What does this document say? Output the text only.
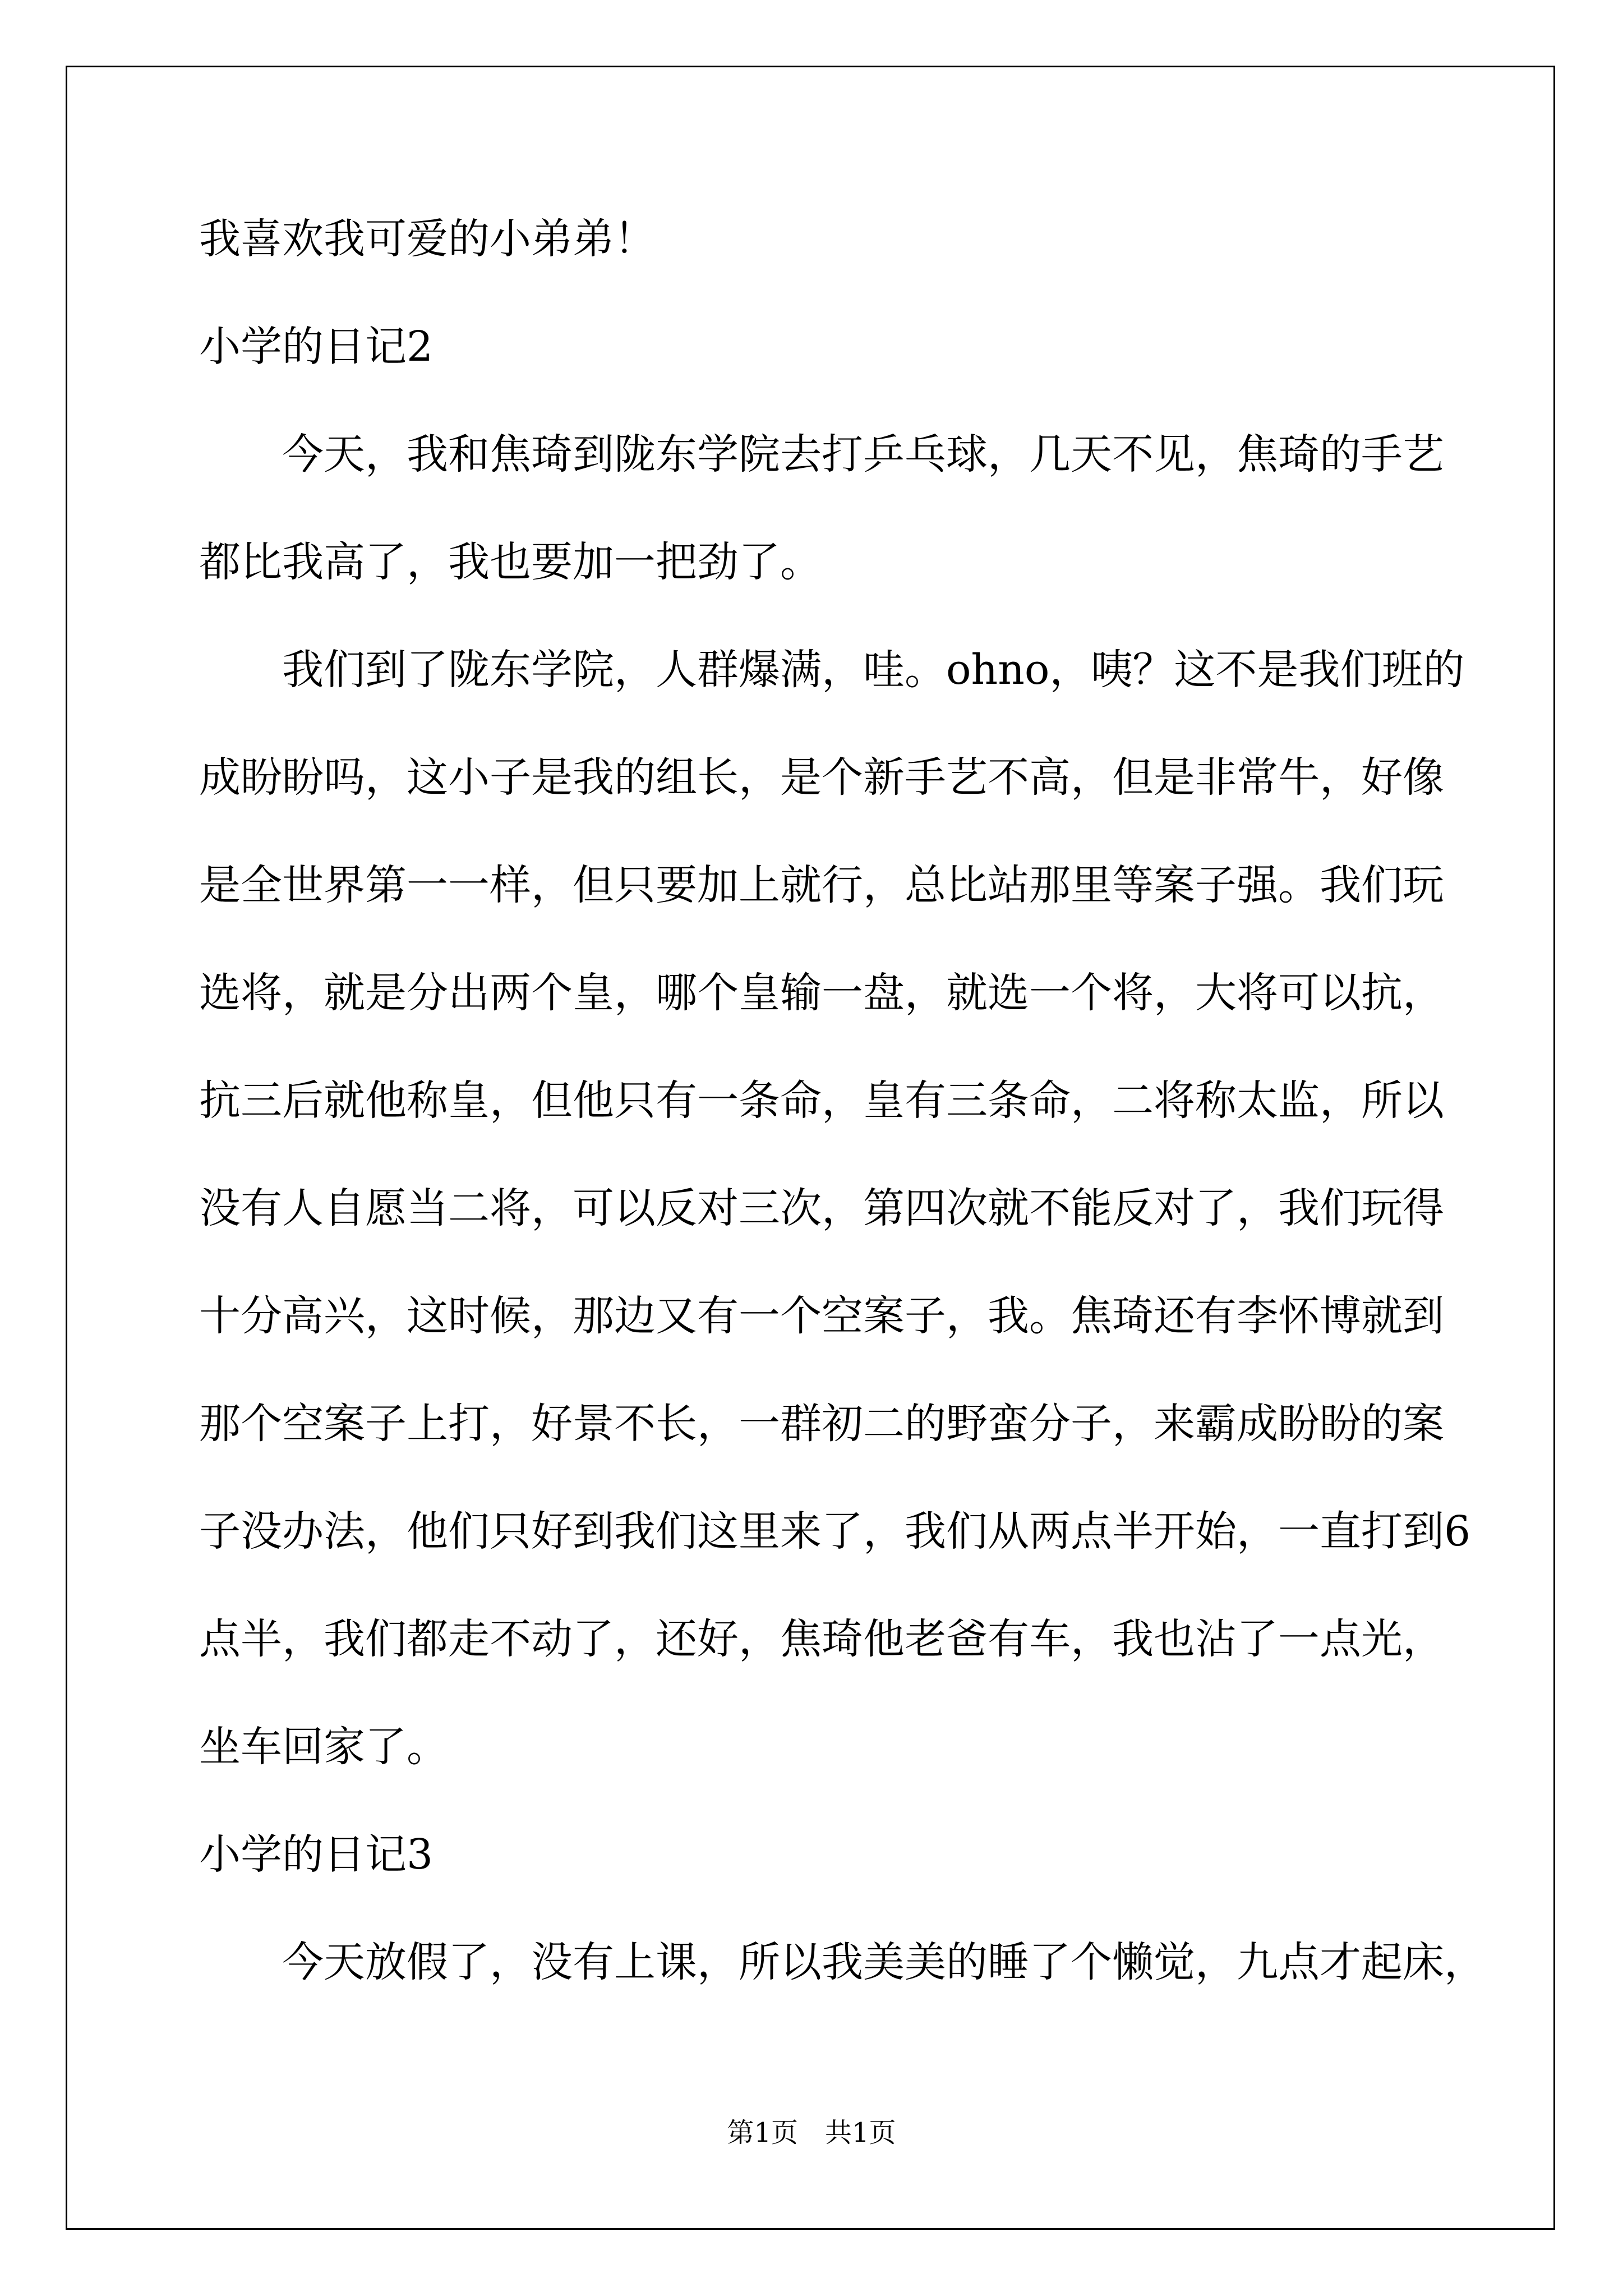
我喜欢我可爱的小弟弟！
小学的日记2
今天，我和焦琦到陇东学院去打乒乓球，几天不见，焦琦的手艺
都比我高了，我也要加一把劲了。
我们到了陇东学院，人群爆满，哇。ohno，咦？这不是我们班的
成盼盼吗，这小子是我的组长，是个新手艺不高，但是非常牛，好像
是全世界第一一样，但只要加上就行，总比站那里等案子强。我们玩
选将，就是分出两个皇，哪个皇输一盘，就选一个将，大将可以抗，
抗三后就他称皇，但他只有一条命，皇有三条命，二将称太监，所以
没有人自愿当二将，可以反对三次，第四次就不能反对了，我们玩得
十分高兴，这时候，那边又有一个空案子，我。焦琦还有李怀博就到
那个空案子上打，好景不长，一群初二的野蛮分子，来霸成盼盼的案
子没办法，他们只好到我们这里来了，我们从两点半开始，一直打到6
点半，我们都走不动了，还好，焦琦他老爸有车，我也沾了一点光，
坐车回家了。
小学的日记3
今天放假了，没有上课，所以我美美的睡了个懒觉，九点才起床，
第1页　共1页
